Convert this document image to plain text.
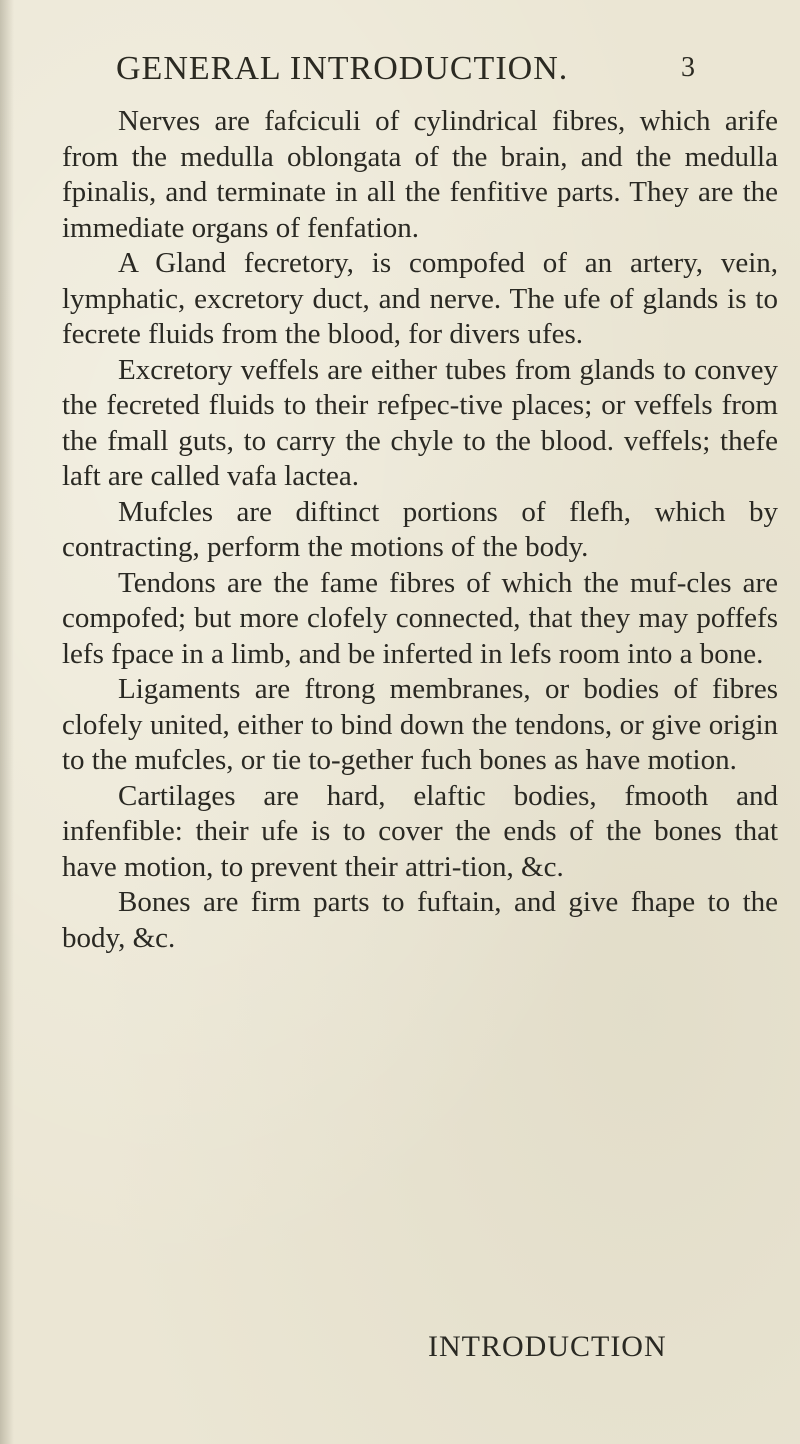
GENERAL INTRODUCTION.	3

Nerves are fafciculi of cylindrical fibres, which arife from the medulla oblongata of the brain, and the medulla fpinalis, and terminate in all the fenfitive parts. They are the immediate organs of fenfation.

A Gland fecretory, is compofed of an artery, vein, lymphatic, excretory duct, and nerve. The ufe of glands is to fecrete fluids from the blood, for divers ufes.

Excretory veffels are either tubes from glands to convey the fecreted fluids to their refpec-tive places; or veffels from the fmall guts, to carry the chyle to the blood. veffels; thefe laft are called vafa lactea.

Mufcles are diftinct portions of flefh, which by contracting, perform the motions of the body.

Tendons are the fame fibres of which the muf-cles are compofed; but more clofely connected, that they may poffefs lefs fpace in a limb, and be inferted in lefs room into a bone.

Ligaments are ftrong membranes, or bodies of fibres clofely united, either to bind down the tendons, or give origin to the mufcles, or tie to-gether fuch bones as have motion.

Cartilages are hard, elaftic bodies, fmooth and infenfible: their ufe is to cover the ends of the bones that have motion, to prevent their attri-tion, &c.

Bones are firm parts to fuftain, and give fhape to the body, &c.

INTRODUCTION
